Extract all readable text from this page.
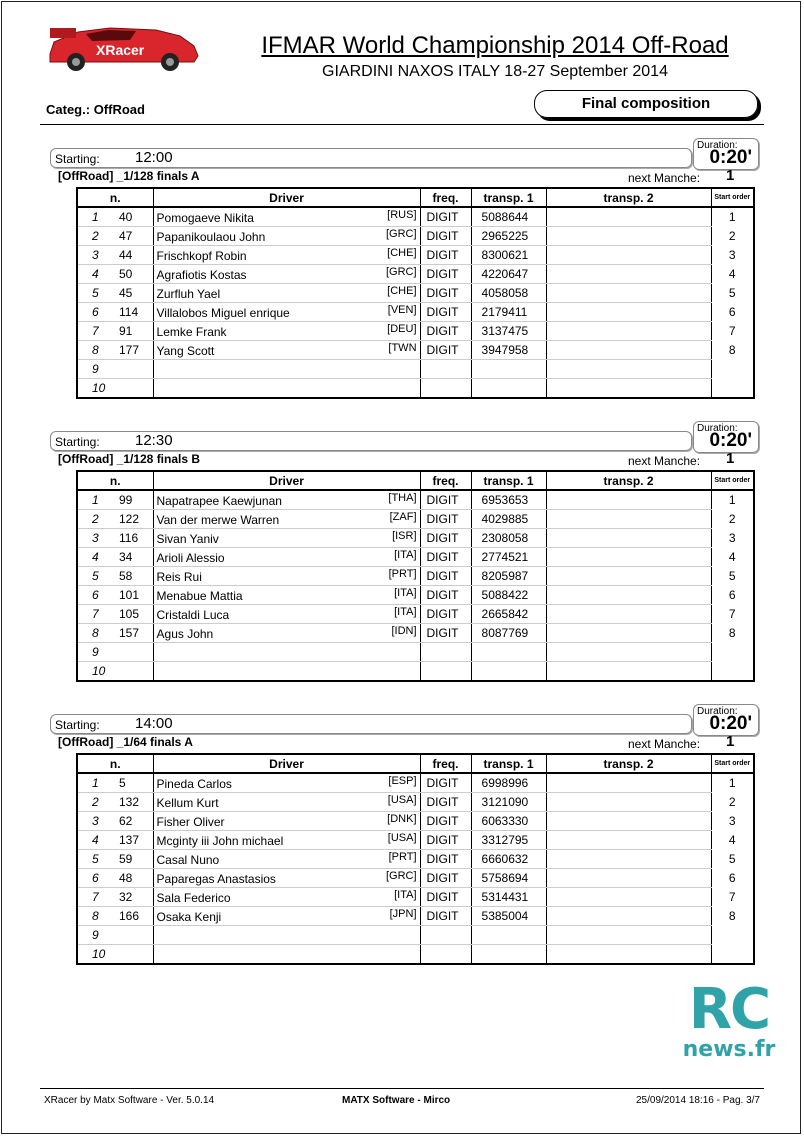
XRacer	IFMAR World Championship 2014 Off-Road
GIARDINI NAXOS ITALY 18-27 September 2014
Categ.: OffRoad	Final composition
Starting: 12:00
Duration:
0:20'
[OffRoad] _1/128 finals A	next Manche: 1
n.		Driver	freq.	transp. 1	transp. 2	Start order
1	40	Pomogaeve Nikita [RUS]	DIGIT	5088644		1
2	47	Papanikoulaou John [GRC]	DIGIT	2965225		2
3	44	Frischkopf Robin [CHE]	DIGIT	8300621		3
4	50	Agrafiotis Kostas [GRC]	DIGIT	4220647		4
5	45	Zurfluh Yael [CHE]	DIGIT	4058058		5
6	114	Villalobos Miguel enrique [VEN]	DIGIT	2179411		6
7	91	Lemke Frank [DEU]	DIGIT	3137475		7
8	177	Yang Scott [TWN	DIGIT	3947958		8
9		

10		

Starting: 12:30
Duration:
0:20'
[OffRoad] _1/128 finals B	next Manche: 1
n.		Driver	freq.	transp. 1	transp. 2	Start order
1	99	Napatrapee Kaewjunan [THA]	DIGIT	6953653		1
2	122	Van der merwe Warren [ZAF]	DIGIT	4029885		2
3	116	Sivan Yaniv [ISR]	DIGIT	2308058		3
4	34	Arioli Alessio [ITA]	DIGIT	2774521		4
5	58	Reis Rui [PRT]	DIGIT	8205987		5
6	101	Menabue Mattia [ITA]	DIGIT	5088422		6
7	105	Cristaldi Luca [ITA]	DIGIT	2665842		7
8	157	Agus John [IDN]	DIGIT	8087769		8
9		

10		

Starting: 14:00
Duration:
0:20'
[OffRoad] _1/64 finals A	next Manche: 1
n.		Driver	freq.	transp. 1	transp. 2	Start order
1	5	Pineda Carlos [ESP]	DIGIT	6998996		1
2	132	Kellum Kurt [USA]	DIGIT	3121090		2
3	62	Fisher Oliver [DNK]	DIGIT	6063330		3
4	137	Mcginty iii John michael [USA]	DIGIT	3312795		4
5	59	Casal Nuno [PRT]	DIGIT	6660632		5
6	48	Paparegas Anastasios [GRC]	DIGIT	5758694		6
7	32	Sala Federico [ITA]	DIGIT	5314431		7
8	166	Osaka Kenji [JPN]	DIGIT	5385004		8
9		

10		

RC
news.fr
XRacer by Matx Software - Ver. 5.0.14	MATX Software - Mirco	25/09/2014 18:16 - Pag. 3/7
